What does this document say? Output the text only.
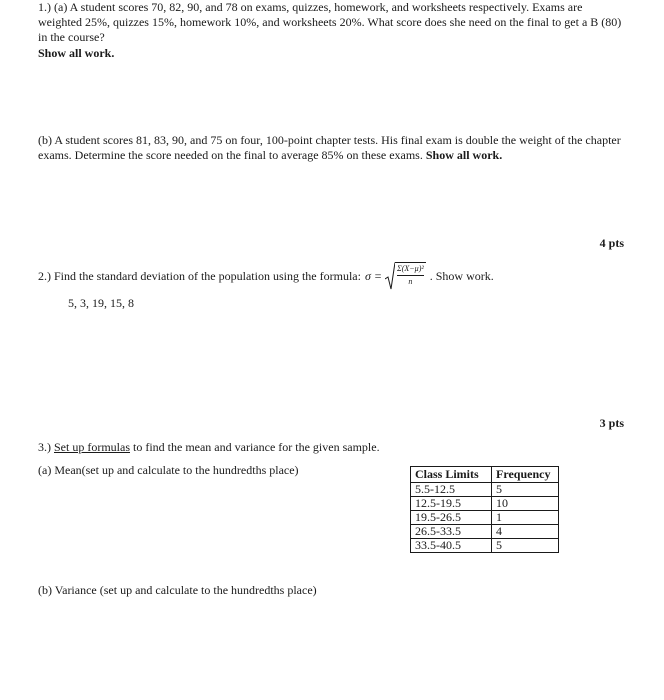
1.) (a) A student scores 70, 82, 90, and 78 on exams, quizzes, homework, and worksheets respectively. Exams are weighted 25%, quizzes 15%, homework 10%, and worksheets 20%. What score does she need on the final to get a B (80) in the course?
Show all work.
(b) A student scores 81, 83, 90, and 75 on four, 100-point chapter tests. His final exam is double the weight of the chapter exams. Determine the score needed on the final to average 85% on these exams. Show all work.
4 pts
3 pts
2.) Find the standard deviation of the population using the formula: σ = Σ(X−μ)²
n . Show work.
5, 3, 19, 15, 8
3.) Set up formulas to find the mean and variance for the given sample.
(a) Mean(set up and calculate to the hundredths place)	Class Limits	Frequency
5.5-12.5	5
12.5-19.5	10
19.5-26.5	1
26.5-33.5	4
33.5-40.5	5
(b) Variance (set up and calculate to the hundredths place)
